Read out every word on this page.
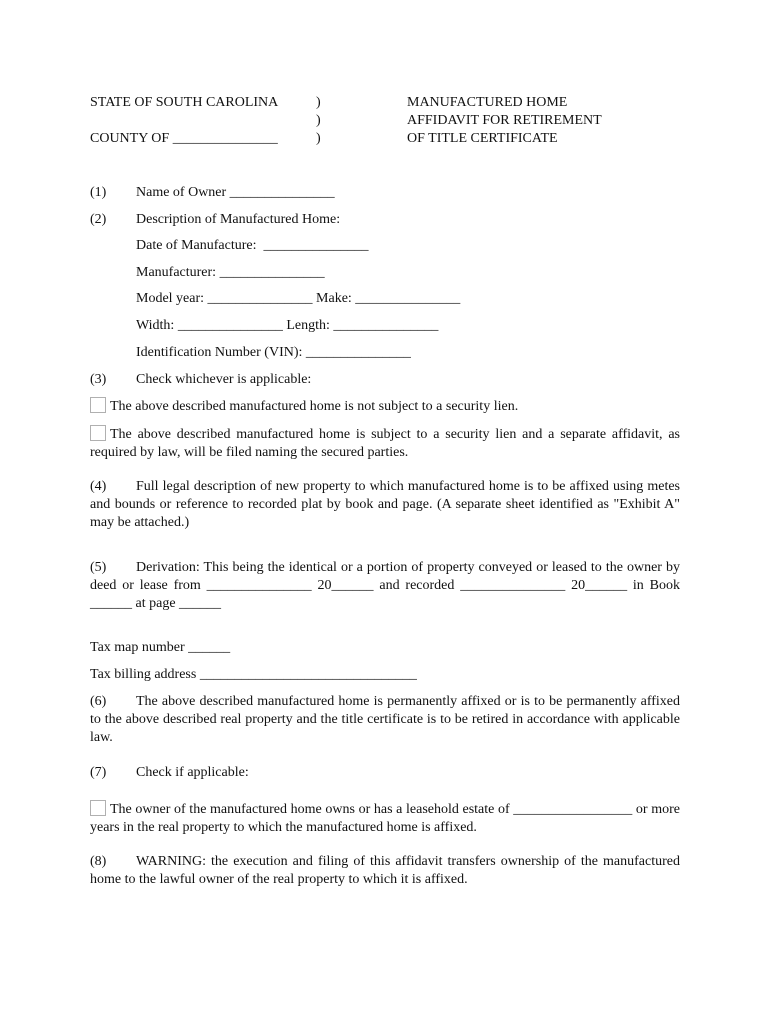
STATE OF SOUTH CAROLINA
COUNTY OF _______________
)
)
)
MANUFACTURED HOME
AFFIDAVIT FOR RETIREMENT
OF TITLE CERTIFICATE
(1) Name of Owner _______________
(2) Description of Manufactured Home:
Date of Manufacture:  _______________
Manufacturer: _______________
Model year: _______________ Make: _______________
Width: _______________ Length: _______________
Identification Number (VIN): _______________
(3) Check whichever is applicable:
The above described manufactured home is not subject to a security lien.
The above described manufactured home is subject to a security lien and a separate affidavit, as required by law, will be filed naming the secured parties.
(4) Full legal description of new property to which manufactured home is to be affixed using metes and bounds or reference to recorded plat by book and page. (A separate sheet identified as "Exhibit A" may be attached.)
(5) Derivation: This being the identical or a portion of property conveyed or leased to the owner by deed or lease from _______________ 20______ and recorded _______________ 20______ in Book ______ at page ______
Tax map number ______
Tax billing address _______________________________
(6) The above described manufactured home is permanently affixed or is to be permanently affixed to the above described real property and the title certificate is to be retired in accordance with applicable law.
(7) Check if applicable:
The owner of the manufactured home owns or has a leasehold estate of _________________ or more years in the real property to which the manufactured home is affixed.
(8) WARNING: the execution and filing of this affidavit transfers ownership of the manufactured home to the lawful owner of the real property to which it is affixed.
